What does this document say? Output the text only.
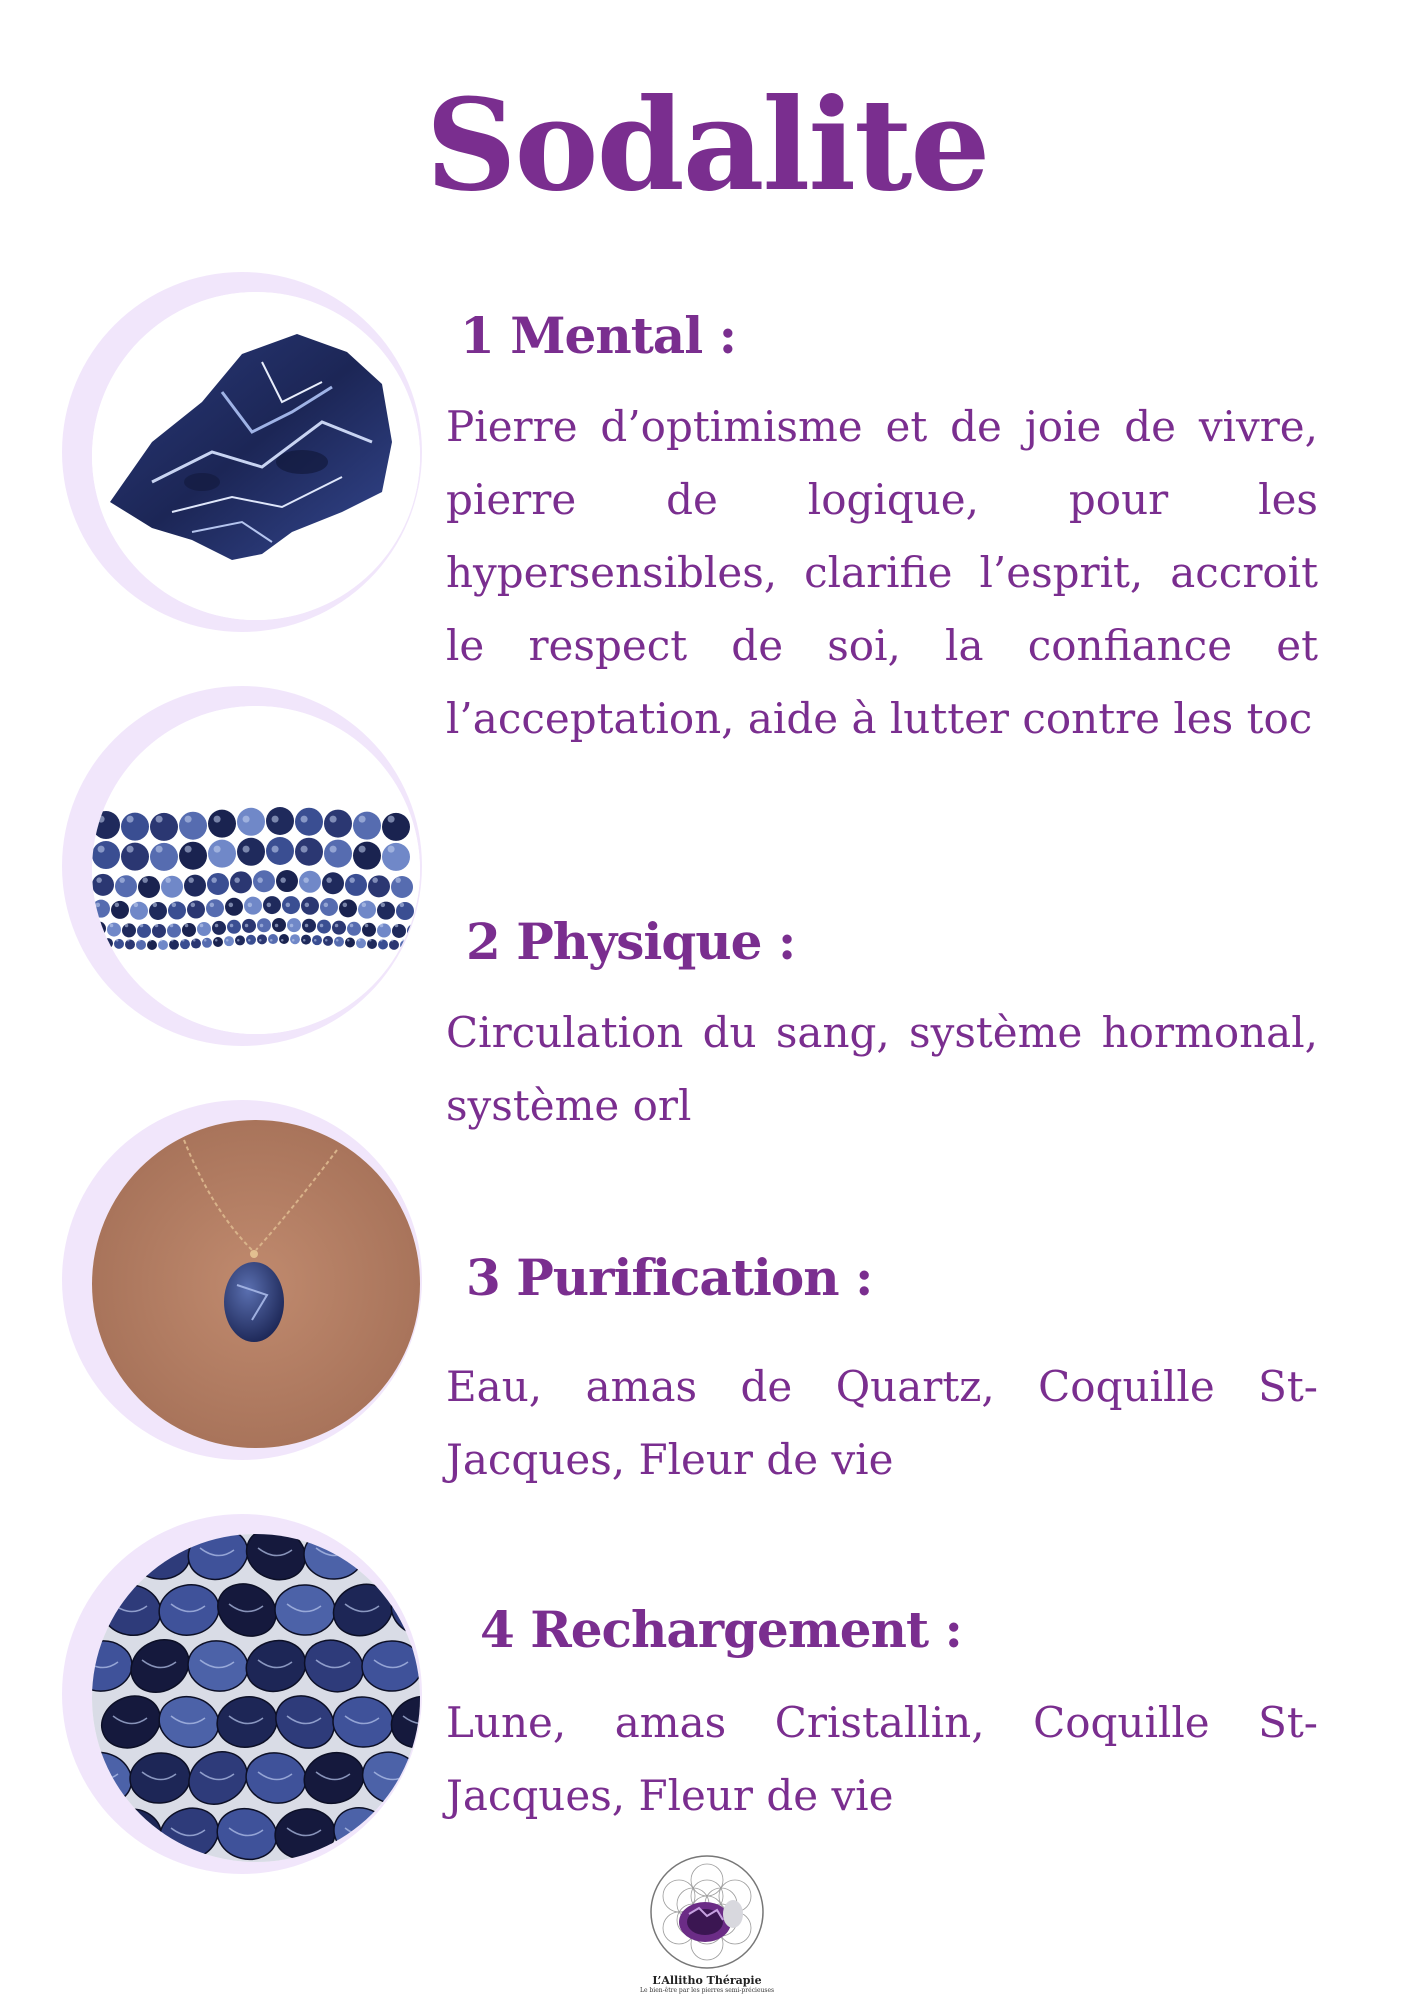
Sodalite
1 Mental :

Pierre d’optimisme et de joie de vivre, pierre de logique, pour les hypersensibles, clarifie l’esprit, accroit le respect de soi, la confiance et l’acceptation, aide à lutter contre les toc

2 Physique :

Circulation du sang, système hormonal, système orl

3 Purification :

Eau, amas de Quartz, Coquille St-Jacques, Fleur de vie

4 Rechargement :

Lune, amas Cristallin, Coquille St-Jacques, Fleur de vie

L’Allitho Thérapie
Le bien-être par les pierres semi-précieuses
